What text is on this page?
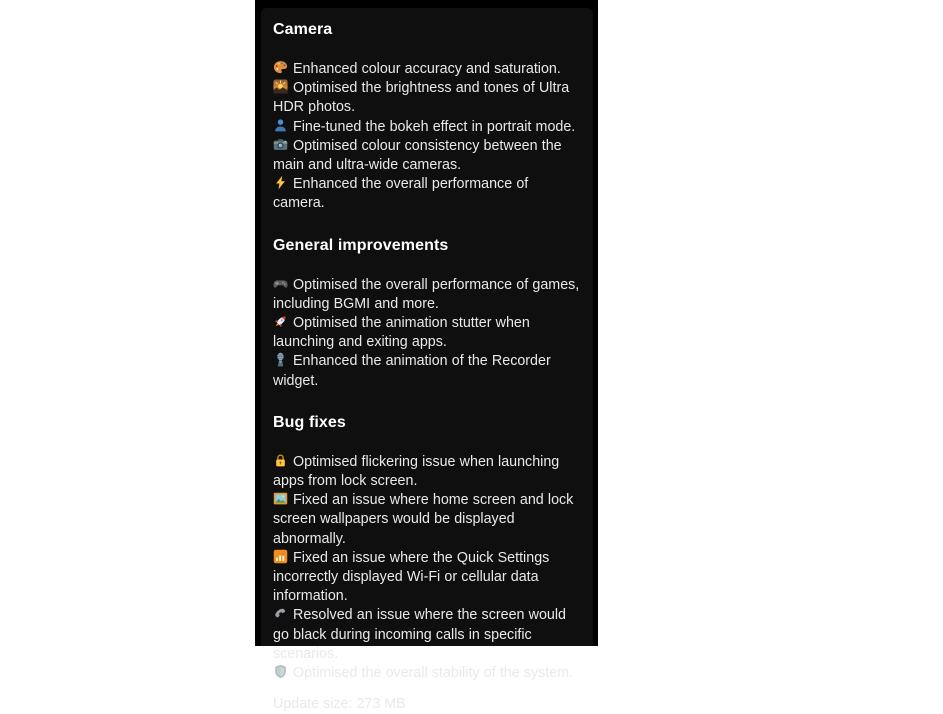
Camera

Enhanced colour accuracy and saturation.

Optimised the brightness and tones of Ultra HDR photos.

Fine-tuned the bokeh effect in portrait mode.

Optimised colour consistency between the main and ultra-wide cameras.

Enhanced the overall performance of camera.

General improvements

Optimised the overall performance of games, including BGMI and more.

Optimised the animation stutter when launching and exiting apps.

Enhanced the animation of the Recorder widget.

Bug fixes

Optimised flickering issue when launching apps from lock screen.

Fixed an issue where home screen and lock screen wallpapers would be displayed abnormally.

Fixed an issue where the Quick Settings incorrectly displayed Wi-Fi or cellular data information.

Resolved an issue where the screen would go black during incoming calls in specific scenarios.

Optimised the overall stability of the system.

Update size: 273 MB
